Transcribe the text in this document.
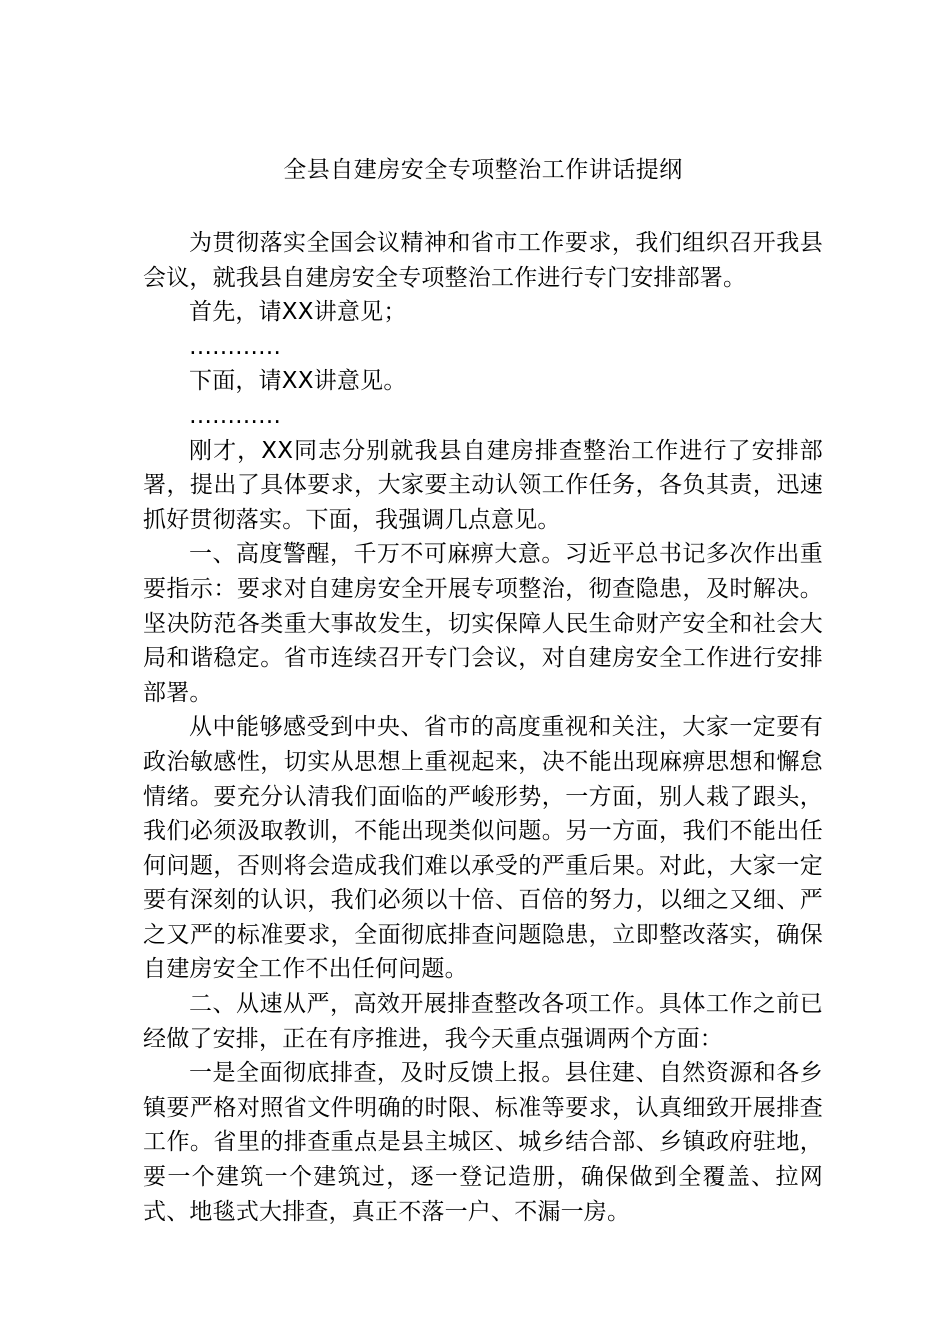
全县自建房安全专项整治工作讲话提纲

为贯彻落实全国会议精神和省市工作要求，我们组织召开我县会议，就我县自建房安全专项整治工作进行专门安排部署。

首先，请XX讲意见；

…………

下面，请XX讲意见。

…………

刚才，XX同志分别就我县自建房排查整治工作进行了安排部署，提出了具体要求，大家要主动认领工作任务，各负其责，迅速抓好贯彻落实。下面，我强调几点意见。

一、高度警醒，千万不可麻痹大意。习近平总书记多次作出重要指示：要求对自建房安全开展专项整治，彻查隐患，及时解决。坚决防范各类重大事故发生，切实保障人民生命财产安全和社会大局和谐稳定。省市连续召开专门会议，对自建房安全工作进行安排部署。

从中能够感受到中央、省市的高度重视和关注，大家一定要有政治敏感性，切实从思想上重视起来，决不能出现麻痹思想和懈怠情绪。要充分认清我们面临的严峻形势，一方面，别人栽了跟头，我们必须汲取教训，不能出现类似问题。另一方面，我们不能出任何问题，否则将会造成我们难以承受的严重后果。对此，大家一定要有深刻的认识，我们必须以十倍、百倍的努力，以细之又细、严之又严的标准要求，全面彻底排查问题隐患，立即整改落实，确保自建房安全工作不出任何问题。

二、从速从严，高效开展排查整改各项工作。具体工作之前已经做了安排，正在有序推进，我今天重点强调两个方面：

一是全面彻底排查，及时反馈上报。县住建、自然资源和各乡镇要严格对照省文件明确的时限、标准等要求，认真细致开展排查工作。省里的排查重点是县主城区、城乡结合部、乡镇政府驻地，要一个建筑一个建筑过，逐一登记造册，确保做到全覆盖、拉网式、地毯式大排查，真正不落一户、不漏一房。
